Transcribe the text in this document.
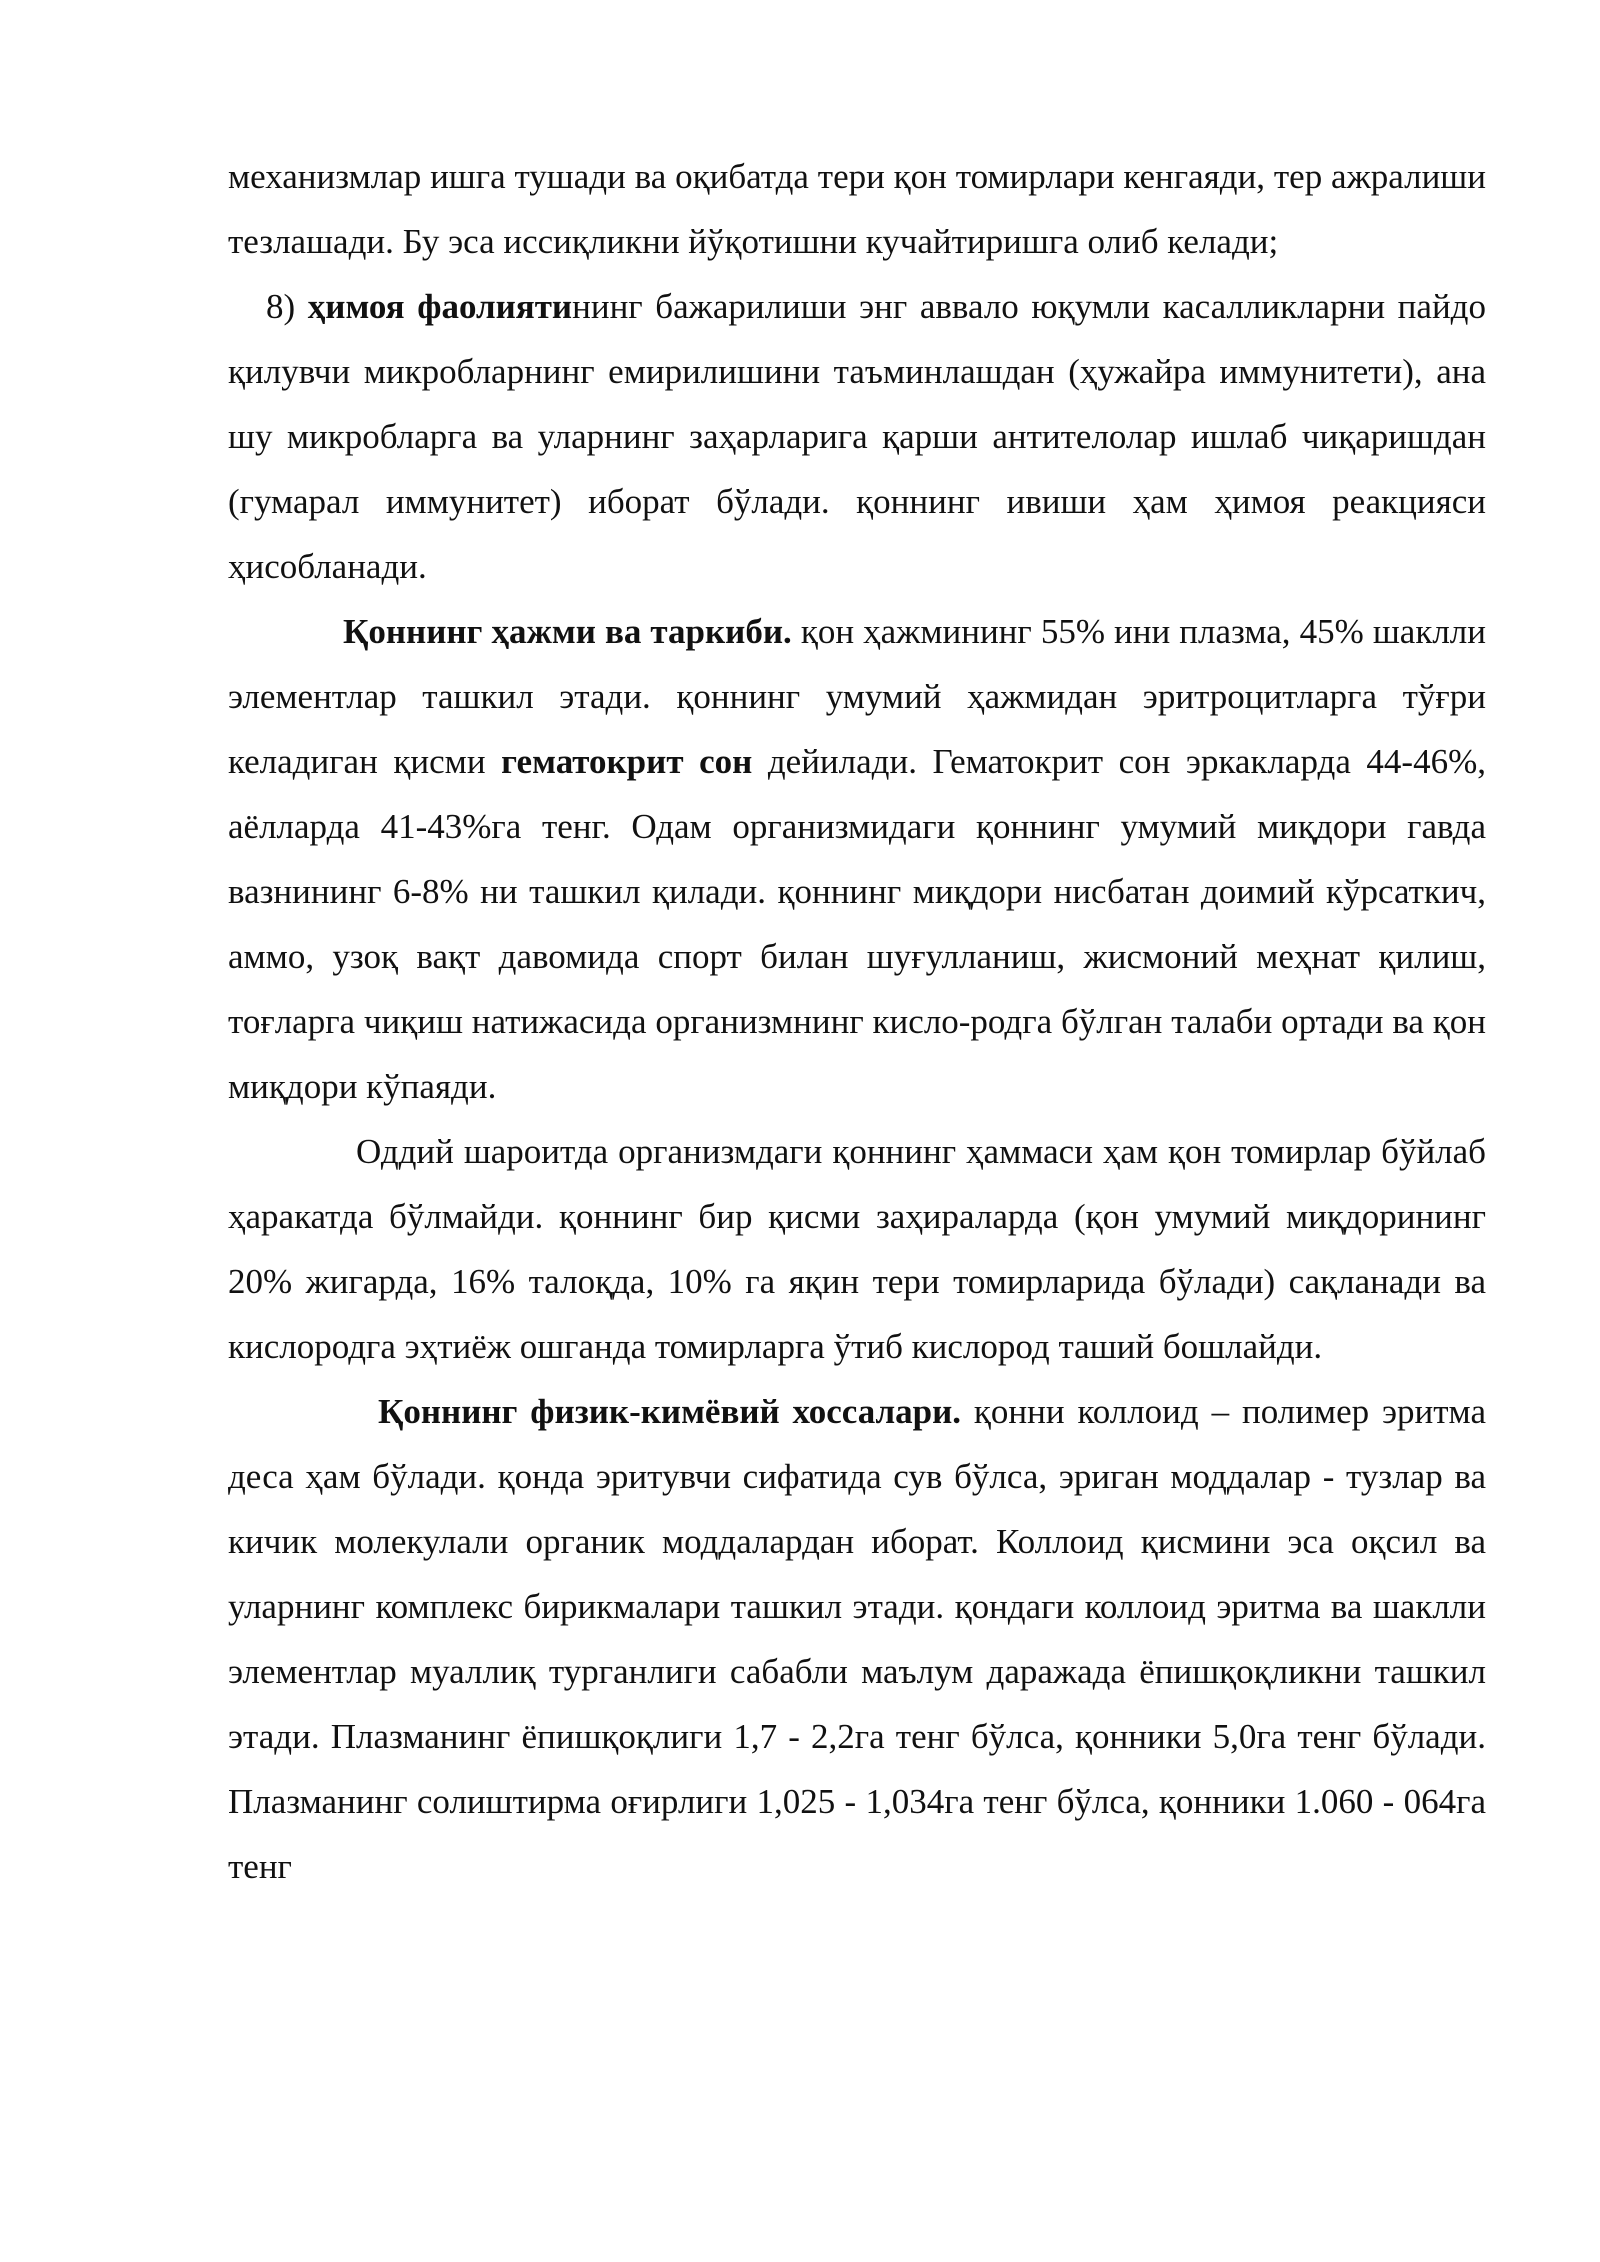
механизмлар ишга тушади ва оқибатда тери қон томирлари кенгаяди, тер ажралиши тезлашади. Бу эса иссиқликни йўқотишни кучайтиришга олиб келади;

8) ҳимоя фаолиятининг бажарилиши энг аввало юқумли касалликларни пайдо қилувчи микробларнинг емирилишини таъминлашдан (ҳужайра иммунитети), ана шу микробларга ва уларнинг заҳарларига қарши антителолар ишлаб чиқаришдан (гумарал иммунитет) иборат бўлади. қоннинг ивиши ҳам ҳимоя реакцияси ҳисобланади.

Қоннинг ҳажми ва таркиби. қон ҳажмининг 55% ини плазма, 45% шаклли элементлар ташкил этади. қоннинг умумий ҳажмидан эритроцитларга тўғри келадиган қисми гематокрит сон дейилади. Гематокрит сон эркакларда 44-46%, аёлларда 41-43%га тенг. Одам организмидаги қоннинг умумий миқдори гавда вазнининг 6-8% ни ташкил қилади. қоннинг миқдори нисбатан доимий кўрсаткич, аммо, узоқ вақт давомида спорт билан шуғулланиш, жисмоний меҳнат қилиш, тоғларга чиқиш натижасида организмнинг кисло-родга бўлган талаби ортади ва қон миқдори кўпаяди.

Оддий шароитда организмдаги қоннинг ҳаммаси ҳам қон томирлар бўйлаб ҳаракатда бўлмайди. қоннинг бир қисми заҳираларда (қон умумий миқдорининг 20% жигарда, 16% талоқда, 10% га яқин тери томирларида бўлади) сақланади ва кислородга эҳтиёж ошганда томирларга ўтиб кислород таший бошлайди.

Қоннинг физик-кимёвий хоссалари. қонни коллоид – полимер эритма деса ҳам бўлади. қонда эритувчи сифатида сув бўлса, эриган моддалар - тузлар ва кичик молекулали органик моддалардан иборат. Коллоид қисмини эса оқсил ва уларнинг комплекс бирикмалари ташкил этади. қондаги коллоид эритма ва шаклли элементлар муаллиқ турганлиги сабабли маълум даражада ёпишқоқликни ташкил этади. Плазманинг ёпишқоқлиги 1,7 - 2,2га тенг бўлса, қонники 5,0га тенг бўлади. Плазманинг солиштирма оғирлиги 1,025 - 1,034га тенг бўлса, қонники 1.060 - 064га тенг
